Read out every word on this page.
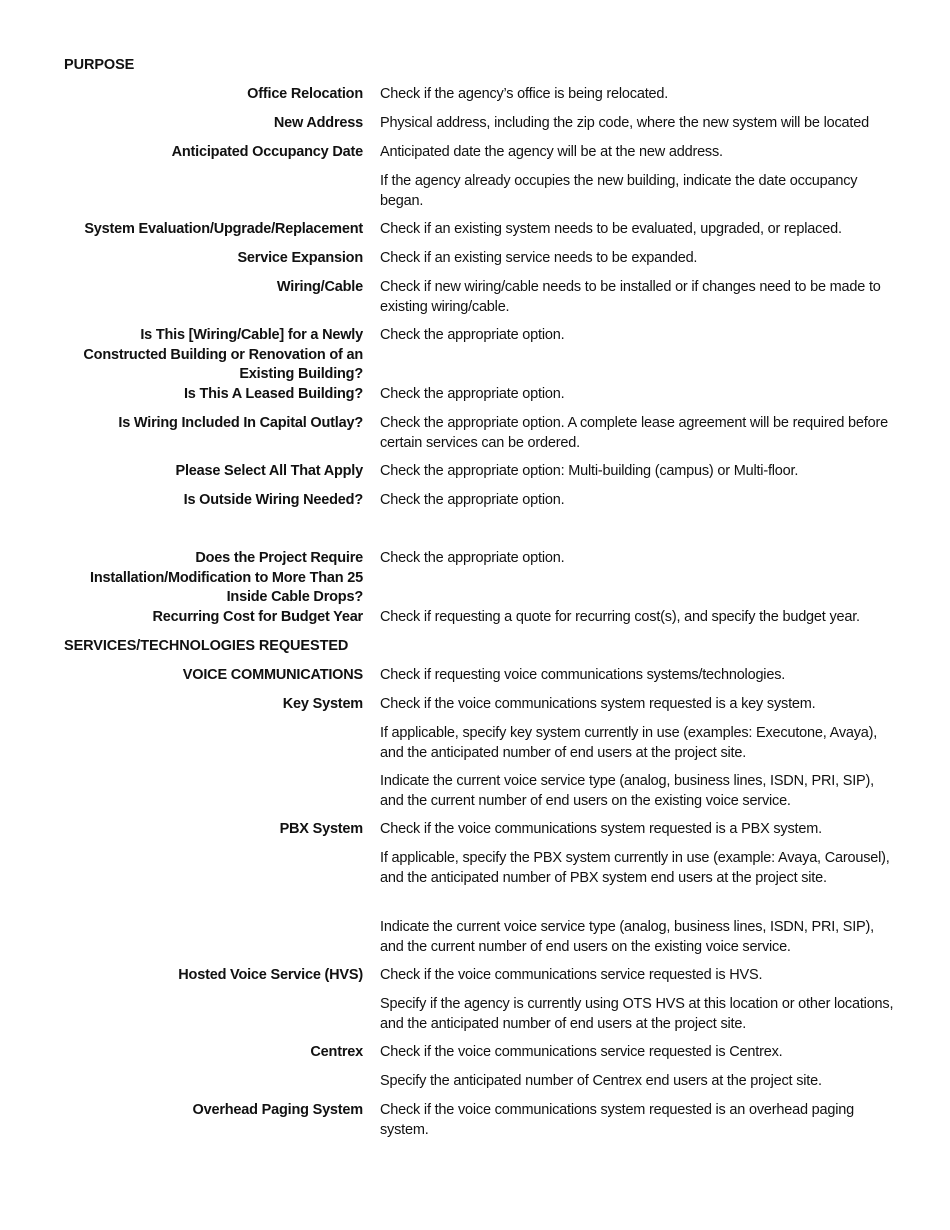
PURPOSE
Office Relocation Check if the agency’s office is being relocated.
New Address Physical address, including the zip code, where the new system will be located
Anticipated Occupancy Date Anticipated date the agency will be at the new address.
If the agency already occupies the new building, indicate the date occupancy began.
System Evaluation/Upgrade/Replacement Check if an existing system needs to be evaluated, upgraded, or replaced.
Service Expansion Check if an existing service needs to be expanded.
Wiring/Cable Check if new wiring/cable needs to be installed or if changes need to be made to existing wiring/cable.
Is This [Wiring/Cable] for a Newly Constructed Building or Renovation of an Existing Building?
Check the appropriate option.
Is This A Leased Building? Check the appropriate option.
Is Wiring Included In Capital Outlay? Check the appropriate option. A complete lease agreement will be required before certain services can be ordered.
Please Select All That Apply Check the appropriate option: Multi-building (campus) or Multi-floor.
Is Outside Wiring Needed? Check the appropriate option.
Does the Project Require Installation/Modification to More Than 25 Inside Cable Drops?
Check the appropriate option.
Recurring Cost for Budget Year Check if requesting a quote for recurring cost(s), and specify the budget year.
SERVICES/TECHNOLOGIES REQUESTED
VOICE COMMUNICATIONS Check if requesting voice communications systems/technologies.
Key System Check if the voice communications system requested is a key system.
If applicable, specify key system currently in use (examples: Executone, Avaya), and the anticipated number of end users at the project site.
Indicate the current voice service type (analog, business lines, ISDN, PRI, SIP), and the current number of end users on the existing voice service.
PBX System Check if the voice communications system requested is a PBX system.
If applicable, specify the PBX system currently in use (example: Avaya, Carousel), and the anticipated number of PBX system end users at the project site.
Indicate the current voice service type (analog, business lines, ISDN, PRI, SIP), and the current number of end users on the existing voice service.
Hosted Voice Service (HVS) Check if the voice communications service requested is HVS.
Specify if the agency is currently using OTS HVS at this location or other locations, and the anticipated number of end users at the project site.
Centrex Check if the voice communications service requested is Centrex.
Specify the anticipated number of Centrex end users at the project site.
Overhead Paging System Check if the voice communications system requested is an overhead paging system.
